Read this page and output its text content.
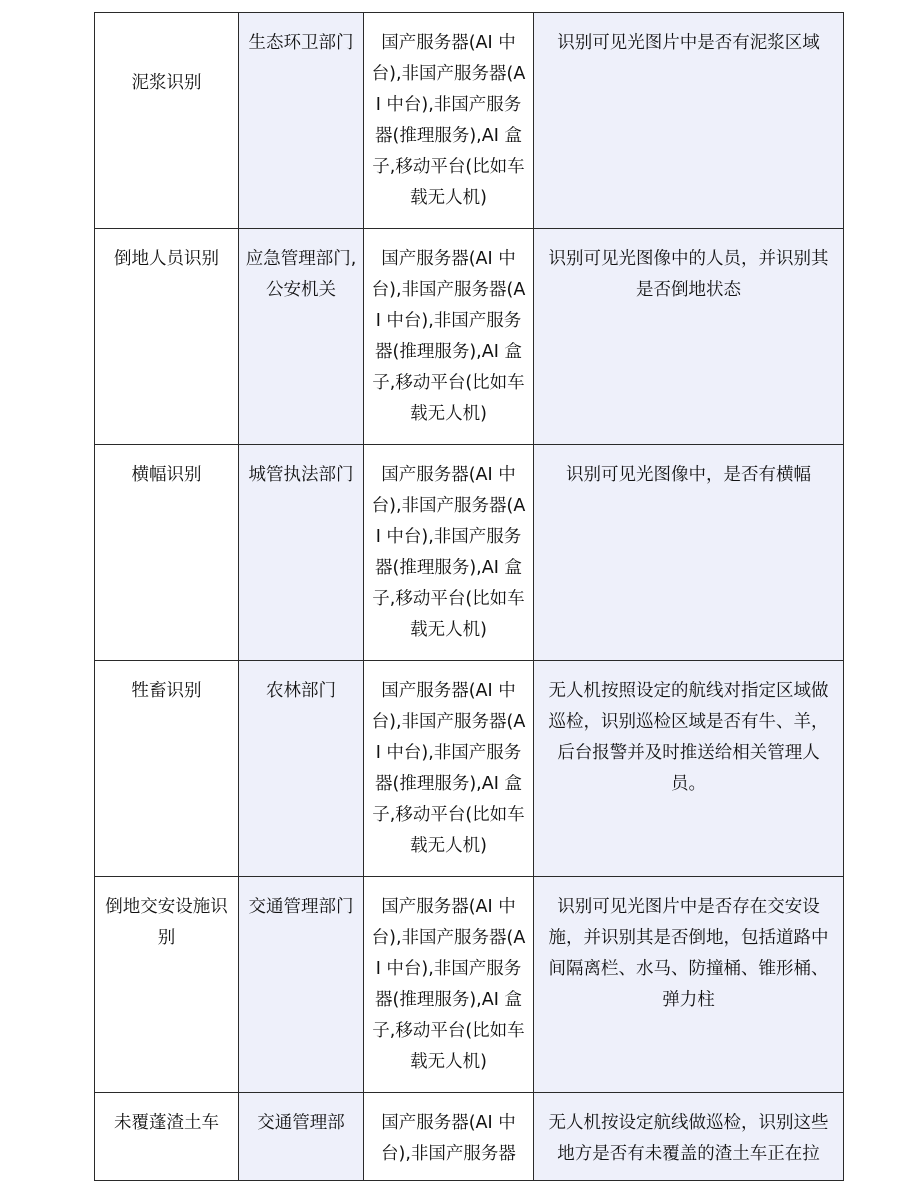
泥浆识别	生态环卫部门	国产服务器(AI 中台),非国产服务器(AI 中台),非国产服务器(推理服务),AI 盒子,移动平台(比如车载无人机)	识别可见光图片中是否有泥浆区域
倒地人员识别	应急管理部门,公安机关	国产服务器(AI 中台),非国产服务器(AI 中台),非国产服务器(推理服务),AI 盒子,移动平台(比如车载无人机)	识别可见光图像中的人员，并识别其是否倒地状态
横幅识别	城管执法部门	国产服务器(AI 中台),非国产服务器(AI 中台),非国产服务器(推理服务),AI 盒子,移动平台(比如车载无人机)	识别可见光图像中，是否有横幅
牲畜识别	农林部门	国产服务器(AI 中台),非国产服务器(AI 中台),非国产服务器(推理服务),AI 盒子,移动平台(比如车载无人机)	无人机按照设定的航线对指定区域做巡检，识别巡检区域是否有牛、羊，后台报警并及时推送给相关管理人员。
倒地交安设施识别	交通管理部门	国产服务器(AI 中台),非国产服务器(AI 中台),非国产服务器(推理服务),AI 盒子,移动平台(比如车载无人机)	识别可见光图片中是否存在交安设施，并识别其是否倒地，包括道路中间隔离栏、水马、防撞桶、锥形桶、弹力柱
未覆蓬渣土车	交通管理部	国产服务器(AI 中台),非国产服务器	无人机按设定航线做巡检，识别这些地方是否有未覆盖的渣土车正在拉
